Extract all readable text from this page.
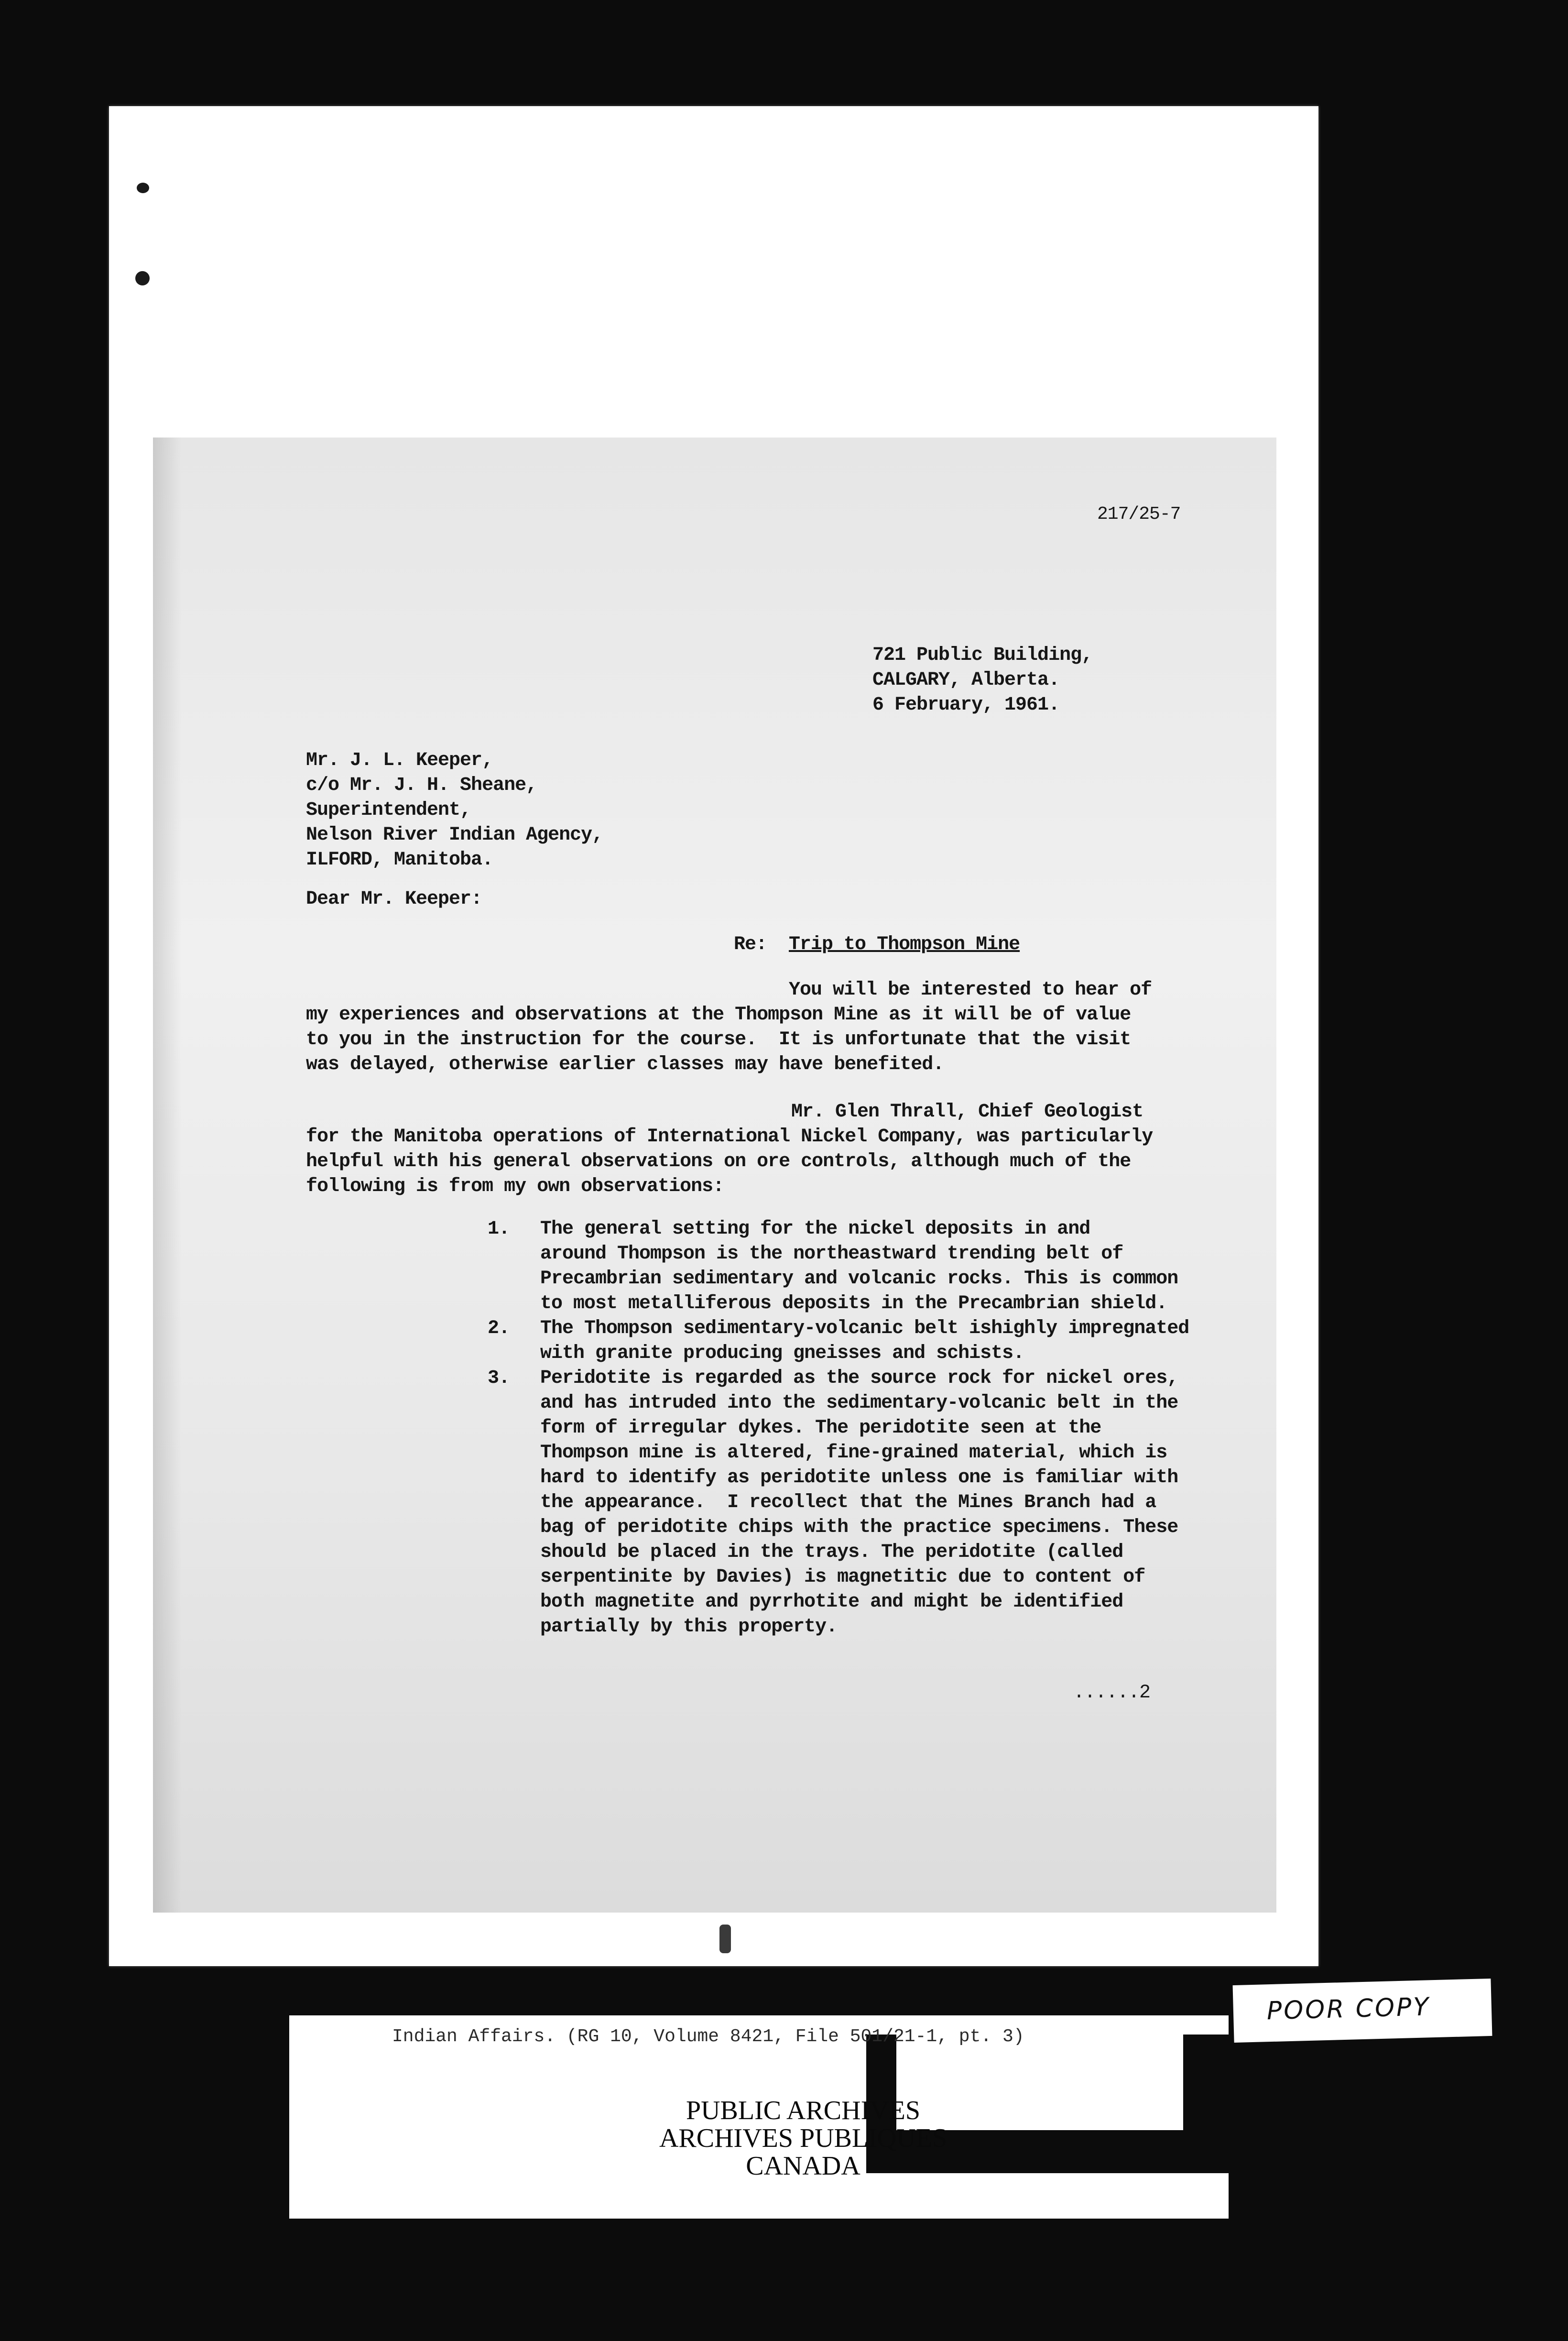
217/25-7
721 Public Building,
CALGARY, Alberta.
6 February, 1961.
Mr. J. L. Keeper,
c/o Mr. J. H. Sheane,
Superintendent,
Nelson River Indian Agency,
ILFORD, Manitoba.
Dear Mr. Keeper:
Re: Trip to Thompson Mine
You will be interested to hear of
my experiences and observations at the Thompson Mine as it will be of value
to you in the instruction for the course.  It is unfortunate that the visit
was delayed, otherwise earlier classes may have benefited.
Mr. Glen Thrall, Chief Geologist
for the Manitoba operations of International Nickel Company, was particularly
helpful with his general observations on ore controls, although much of the
following is from my own observations:
1.	The general setting for the nickel deposits in and
around Thompson is the northeastward trending belt of
Precambrian sedimentary and volcanic rocks. This is common
to most metalliferous deposits in the Precambrian shield.
2.	The Thompson sedimentary-volcanic belt ishighly impregnated
with granite producing gneisses and schists.
3.	Peridotite is regarded as the source rock for nickel ores,
and has intruded into the sedimentary-volcanic belt in the
form of irregular dykes. The peridotite seen at the
Thompson mine is altered, fine-grained material, which is
hard to identify as peridotite unless one is familiar with
the appearance.  I recollect that the Mines Branch had a
bag of peridotite chips with the practice specimens. These
should be placed in the trays. The peridotite (called
serpentinite by Davies) is magnetitic due to content of
both magnetite and pyrrhotite and might be identified
partially by this property.
......2
Indian Affairs. (RG 10, Volume 8421, File 501/21-1, pt. 3)
PUBLIC ARCHIVES
ARCHIVES PUBLIQUES
CANADA
POOR COPY
